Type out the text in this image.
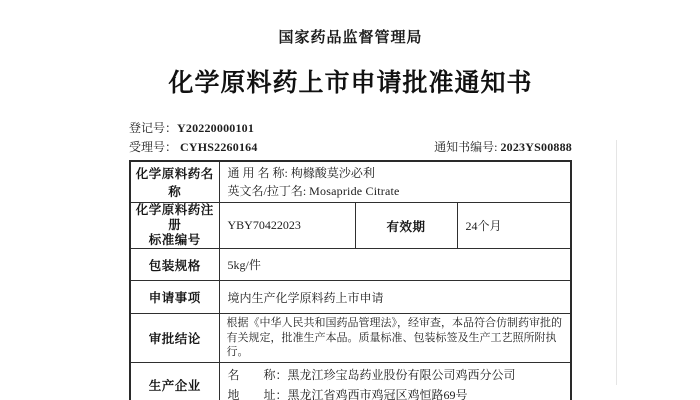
国家药品监督管理局
化学原料药上市申请批准通知书
登记号： Y20220000101
受理号： CYHS2260164	通知书编号: 2023YS00888
化学原料药名称	通 用 名 称: 枸橼酸莫沙必利
英文名/拉丁名: Mosapride Citrate		

化学原料药注册
标准编号	YBY70422023	有效期	24个月
包装规格	5kg/件		
申请事项	境内生产化学原料药上市申请		
审批结论	根据《中华人民共和国药品管理法》，经审查，本品符合仿制药审批的有关规定，批准生产本品。质量标准、包装标签及生产工艺照所附执行。		
生产企业	名　　称：黑龙江珍宝岛药业股份有限公司鸡西分公司
地　　址：黑龙江省鸡西市鸡冠区鸡恒路69号		
